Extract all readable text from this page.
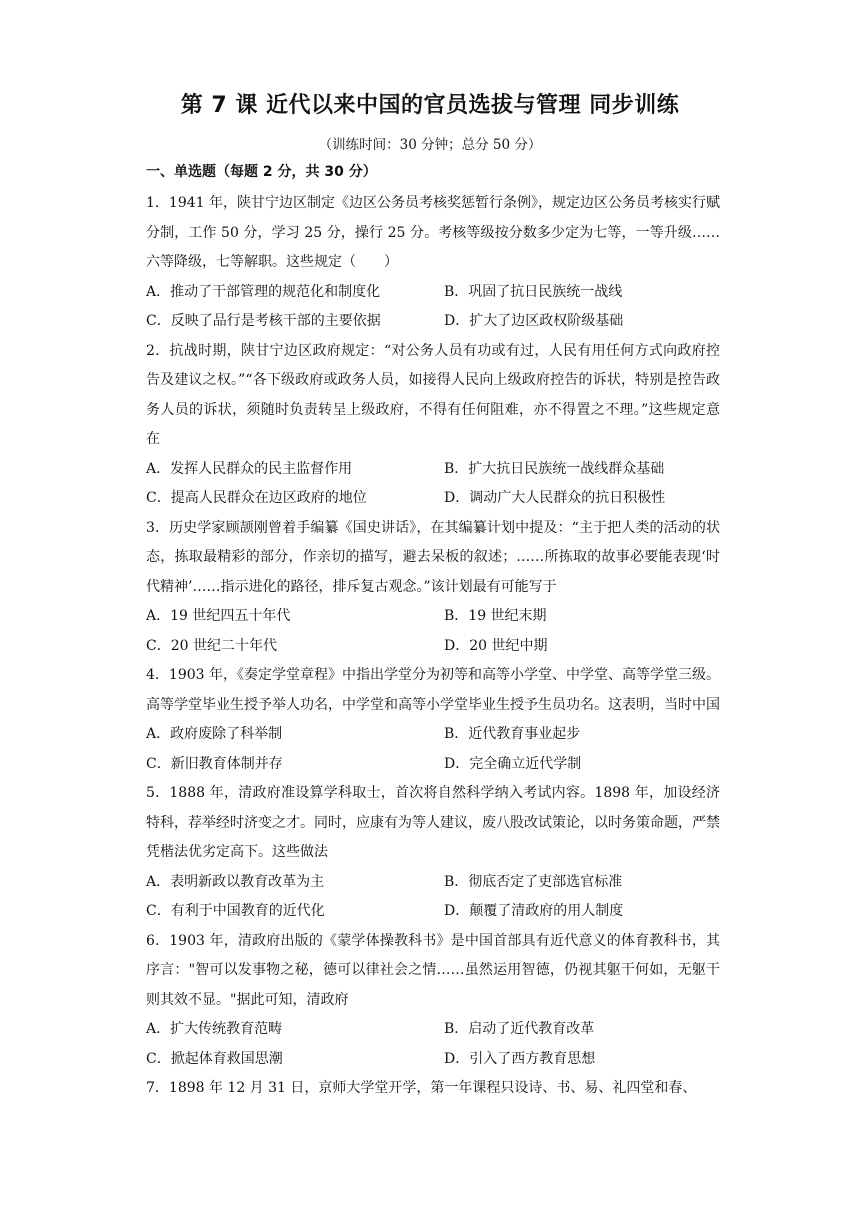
第 7 课 近代以来中国的官员选拔与管理 同步训练
（训练时间：30 分钟；总分 50 分）
一、单选题（每题 2 分，共 30 分）

1．1941 年，陕甘宁边区制定《边区公务员考核奖惩暂行条例》，规定边区公务员考核实行赋分制，工作 50 分，学习 25 分，操行 25 分。考核等级按分数多少定为七等，一等升级……六等降级，七等解职。这些规定（　　）

A．推动了干部管理的规范化和制度化	B．巩固了抗日民族统一战线
C．反映了品行是考核干部的主要依据	D．扩大了边区政权阶级基础

2．抗战时期，陕甘宁边区政府规定：“对公务人员有功或有过，人民有用任何方式向政府控告及建议之权。”“各下级政府或政务人员，如接得人民向上级政府控告的诉状，特别是控告政务人员的诉状，须随时负责转呈上级政府，不得有任何阻难，亦不得置之不理。”这些规定意在

A．发挥人民群众的民主监督作用	B．扩大抗日民族统一战线群众基础
C．提高人民群众在边区政府的地位	D．调动广大人民群众的抗日积极性

3．历史学家顾颉刚曾着手编纂《国史讲话》，在其编纂计划中提及：“主于把人类的活动的状态，拣取最精彩的部分，作亲切的描写，避去呆板的叙述；……所拣取的故事必要能表现‘时代精神’……指示进化的路径，排斥复古观念。”该计划最有可能写于

A．19 世纪四五十年代	B．19 世纪末期
C．20 世纪二十年代	D．20 世纪中期

4．1903 年，《奏定学堂章程》中指出学堂分为初等和高等小学堂、中学堂、高等学堂三级。高等学堂毕业生授予举人功名，中学堂和高等小学堂毕业生授予生员功名。这表明，当时中国

A．政府废除了科举制	B．近代教育事业起步
C．新旧教育体制并存	D．完全确立近代学制

5．1888 年，清政府准设算学科取士，首次将自然科学纳入考试内容。1898 年，加设经济特科，荐举经时济变之才。同时，应康有为等人建议，废八股改试策论，以时务策命题，严禁凭楷法优劣定高下。这些做法

A．表明新政以教育改革为主	B．彻底否定了吏部选官标准
C．有利于中国教育的近代化	D．颠覆了清政府的用人制度

6．1903 年，清政府出版的《蒙学体操教科书》是中国首部具有近代意义的体育教科书，其序言："智可以发事物之秘，德可以律社会之情……虽然运用智德，仍视其躯干何如，无躯干则其效不显。"据此可知，清政府

A．扩大传统教育范畴	B．启动了近代教育改革
C．掀起体育救国思潮	D．引入了西方教育思想

7．1898 年 12 月 31 日，京师大学堂开学，第一年课程只设诗、书、易、礼四堂和春、
